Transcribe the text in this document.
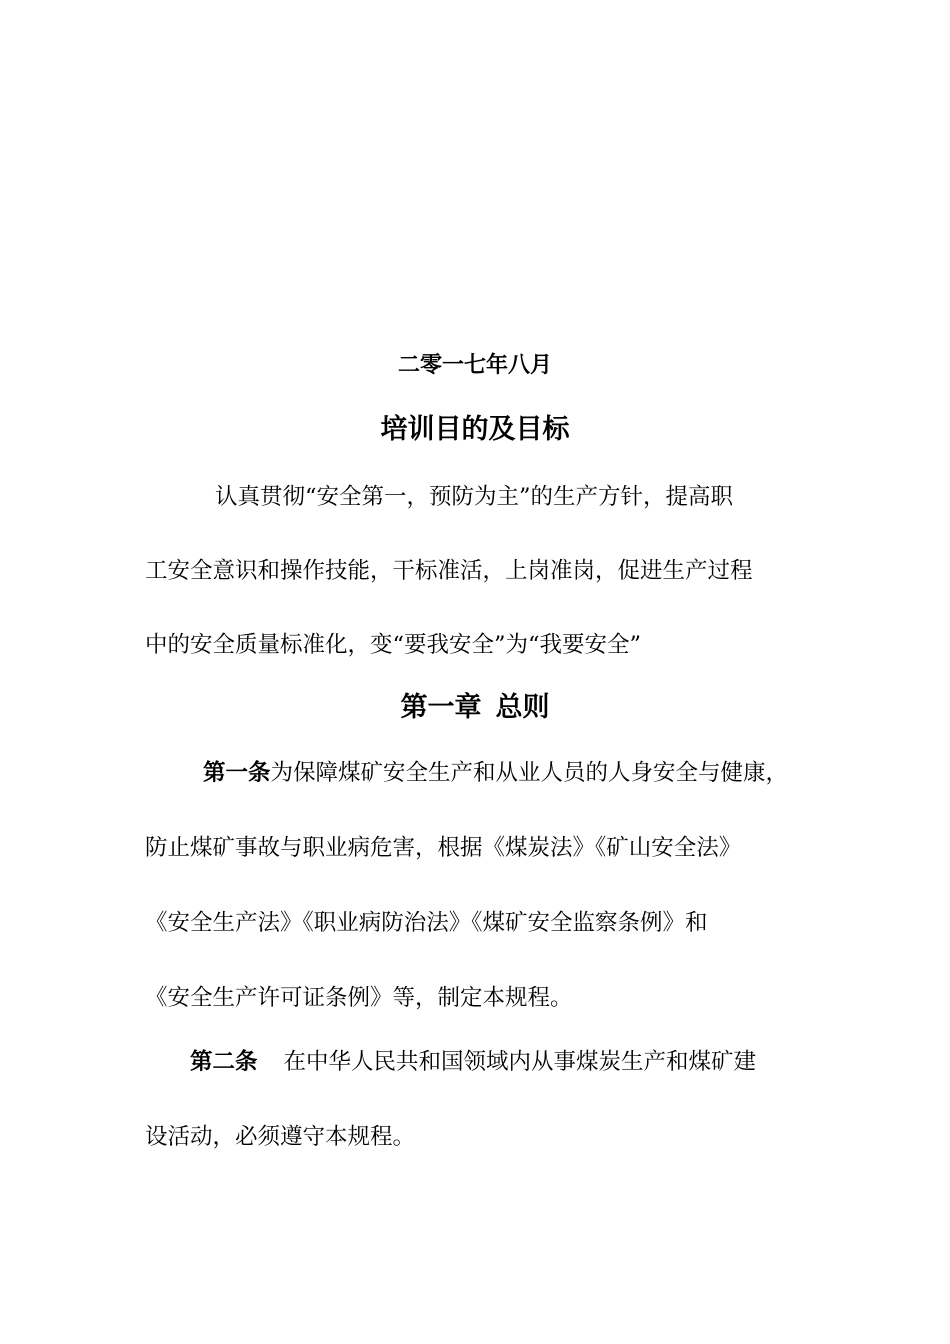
二零一七年八月
培训目的及目标
认真贯彻“安全第一，预防为主”的生产方针，提高职
工安全意识和操作技能，干标准活，上岗准岗，促进生产过程
中的安全质量标准化，变“要我安全”为“我要安全”
第一章 总则
第一条为保障煤矿安全生产和从业人员的人身安全与健康，
防止煤矿事故与职业病危害，根据《煤炭法》《矿山安全法》
《安全生产法》《职业病防治法》《煤矿安全监察条例》和
《安全生产许可证条例》等，制定本规程。
第二条 在中华人民共和国领域内从事煤炭生产和煤矿建
设活动，必须遵守本规程。
